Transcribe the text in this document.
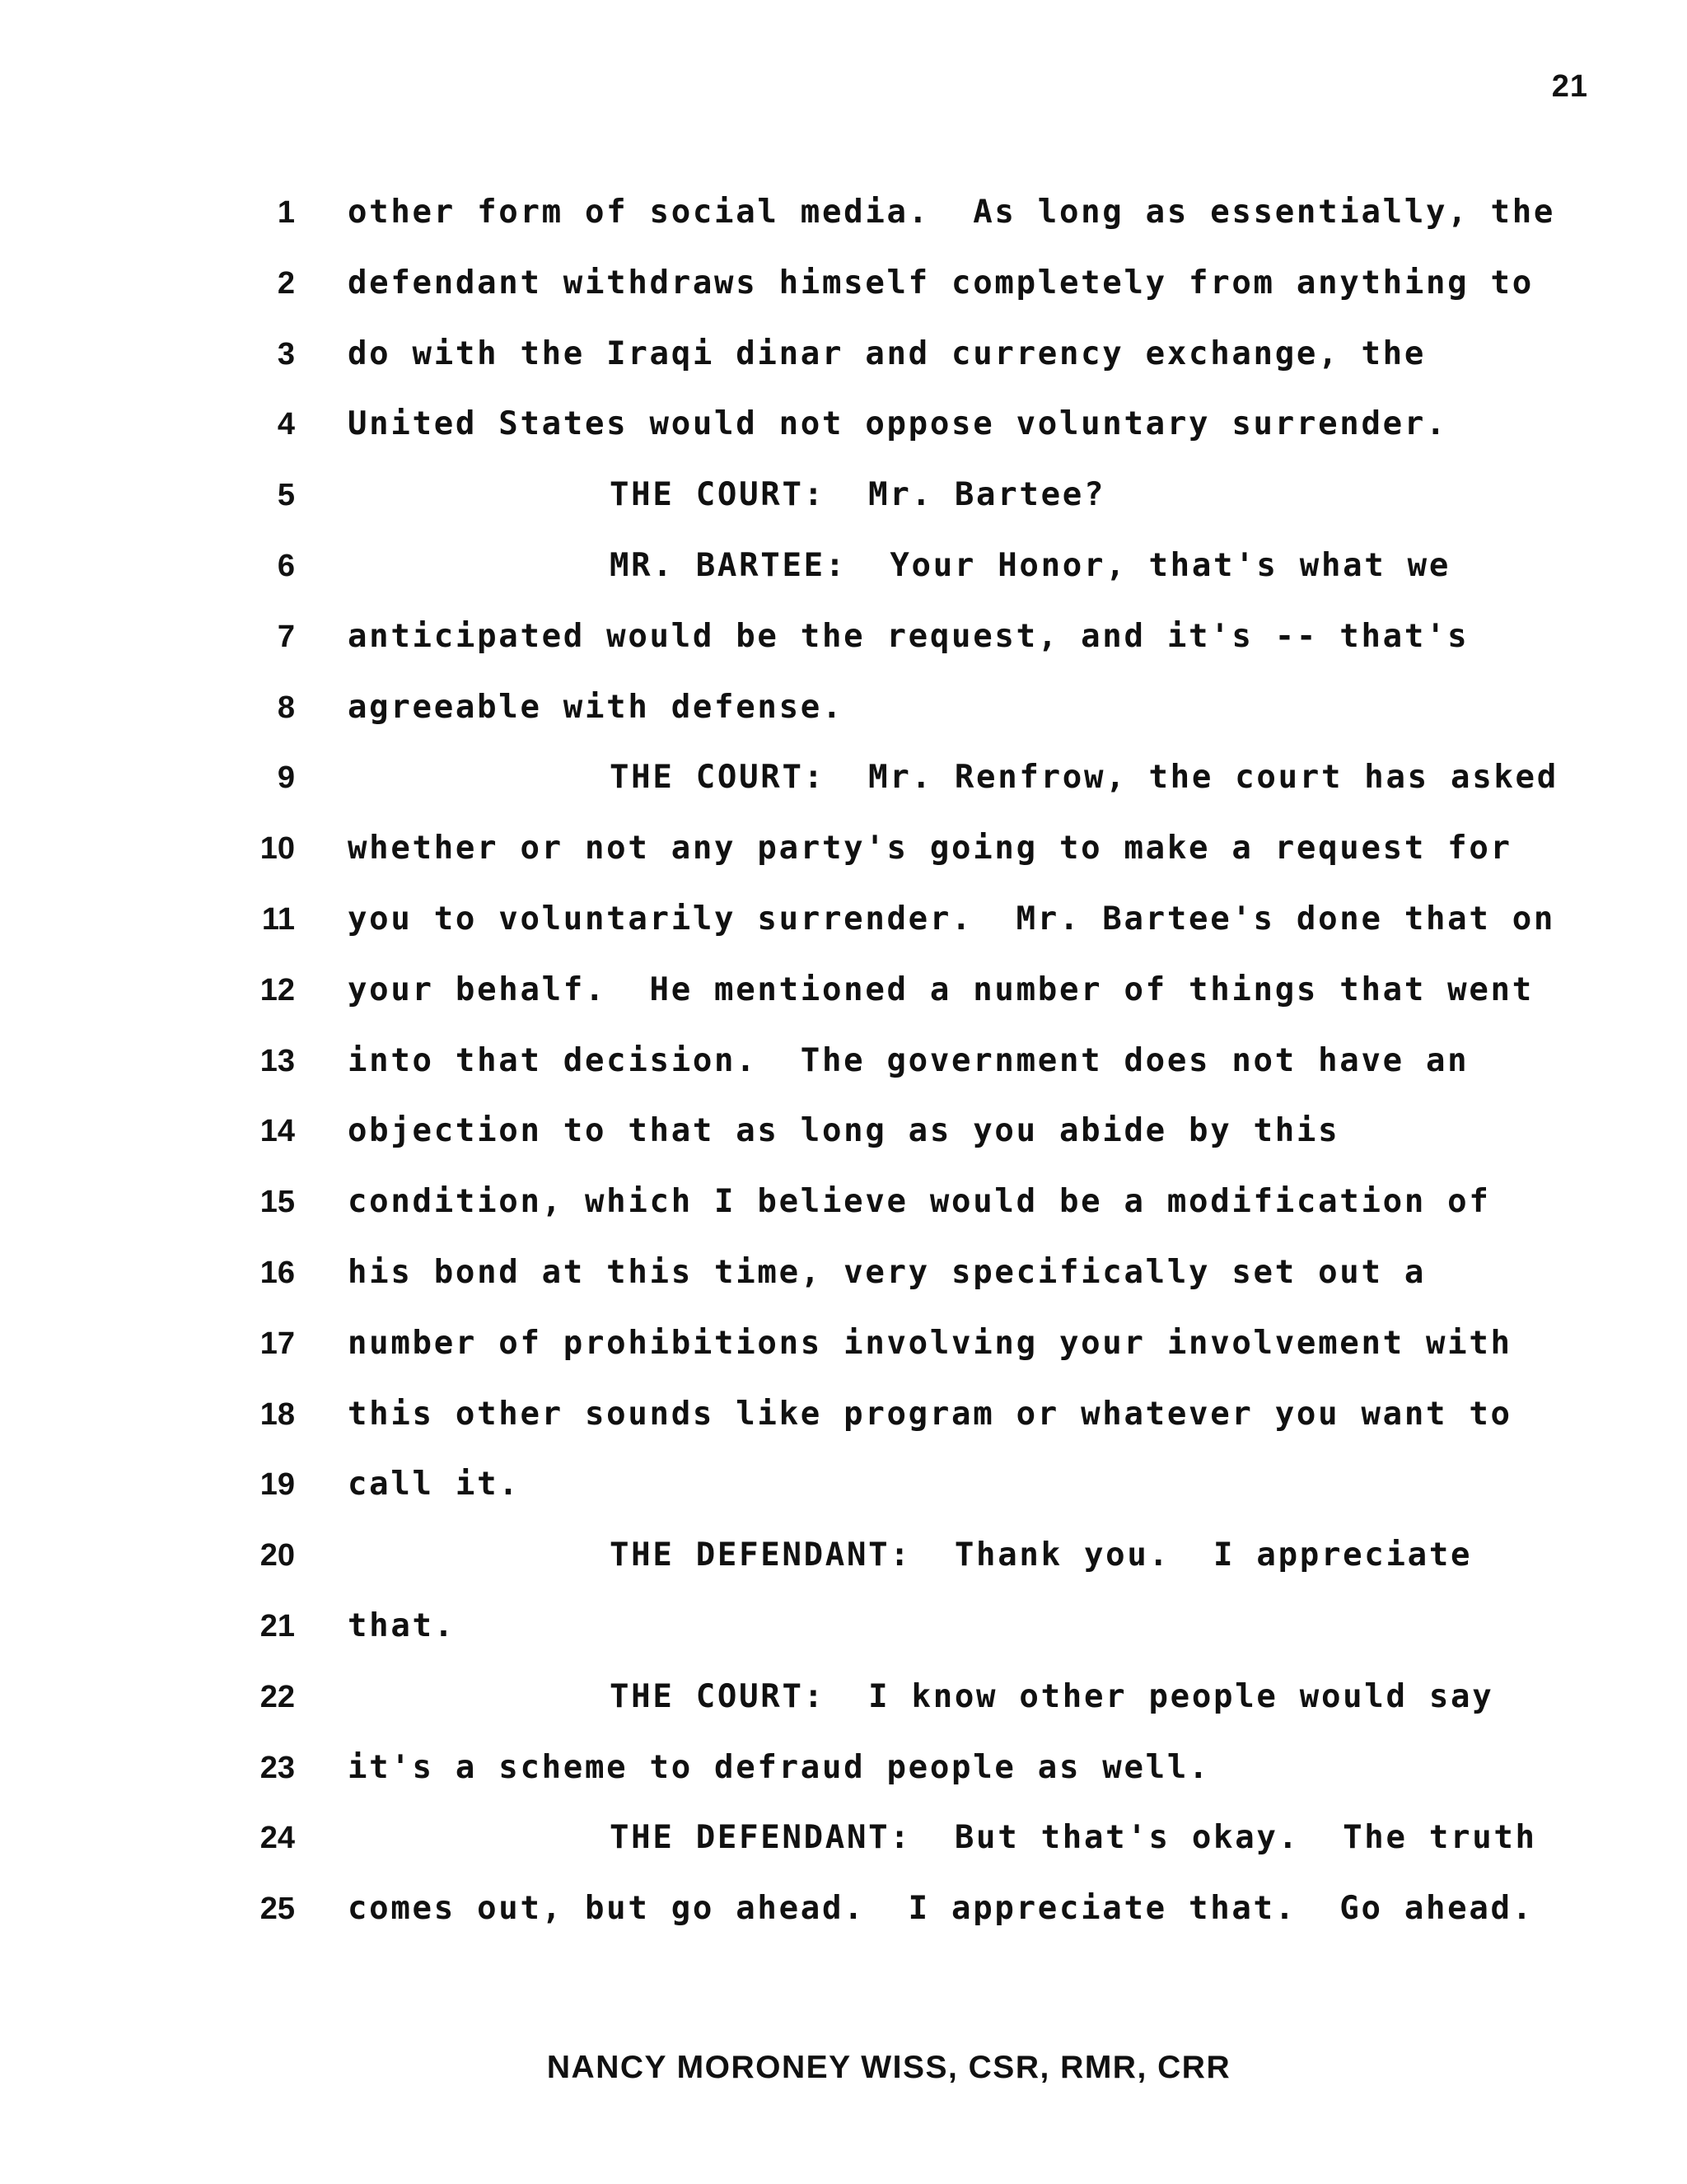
21
1 other form of social media.  As long as essentially, the
2 defendant withdraws himself completely from anything to
3 do with the Iraqi dinar and currency exchange, the
4 United States would not oppose voluntary surrender.
5	THE COURT:  Mr. Bartee?
6	MR. BARTEE:  Your Honor, that's what we
7 anticipated would be the request, and it's -- that's
8 agreeable with defense.
9	THE COURT:  Mr. Renfrow, the court has asked
10 whether or not any party's going to make a request for
11 you to voluntarily surrender.  Mr. Bartee's done that on
12 your behalf.  He mentioned a number of things that went
13 into that decision.  The government does not have an
14 objection to that as long as you abide by this
15 condition, which I believe would be a modification of
16 his bond at this time, very specifically set out a
17 number of prohibitions involving your involvement with
18 this other sounds like program or whatever you want to
19 call it.
20	THE DEFENDANT:  Thank you.  I appreciate
21 that.
22	THE COURT:  I know other people would say
23 it's a scheme to defraud people as well.
24	THE DEFENDANT:  But that's okay.  The truth
25 comes out, but go ahead.  I appreciate that.  Go ahead.
NANCY MORONEY WISS, CSR, RMR, CRR
